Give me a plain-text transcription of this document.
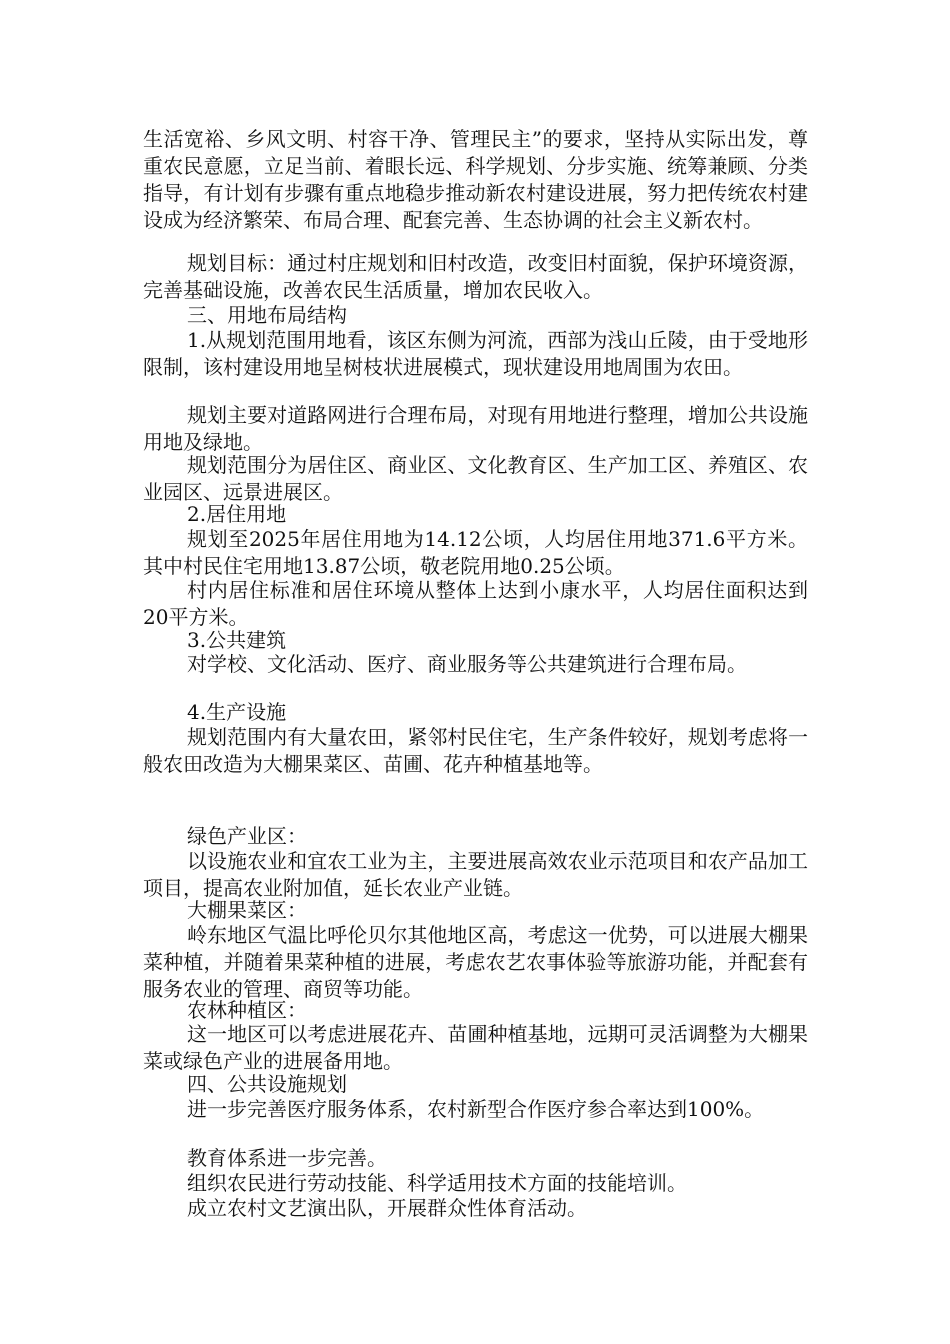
生活宽裕、乡风文明、村容干净、管理民主”的要求，坚持从实际出发，尊重农民意愿，立足当前、着眼长远、科学规划、分步实施、统筹兼顾、分类指导，有计划有步骤有重点地稳步推动新农村建设进展，努力把传统农村建设成为经济繁荣、布局合理、配套完善、生态协调的社会主义新农村。

规划目标：通过村庄规划和旧村改造，改变旧村面貌，保护环境资源，完善基础设施，改善农民生活质量，增加农民收入。

三、用地布局结构

1.从规划范围用地看，该区东侧为河流，西部为浅山丘陵，由于受地形限制，该村建设用地呈树枝状进展模式，现状建设用地周围为农田。

规划主要对道路网进行合理布局，对现有用地进行整理，增加公共设施用地及绿地。

规划范围分为居住区、商业区、文化教育区、生产加工区、养殖区、农业园区、远景进展区。

2.居住用地

规划至2025年居住用地为14.12公顷，人均居住用地371.6平方米。其中村民住宅用地13.87公顷，敬老院用地0.25公顷。

村内居住标准和居住环境从整体上达到小康水平，人均居住面积达到20平方米。

3.公共建筑

对学校、文化活动、医疗、商业服务等公共建筑进行合理布局。

4.生产设施

规划范围内有大量农田，紧邻村民住宅，生产条件较好，规划考虑将一般农田改造为大棚果菜区、苗圃、花卉种植基地等。

绿色产业区：

以设施农业和宜农工业为主，主要进展高效农业示范项目和农产品加工项目，提高农业附加值，延长农业产业链。

大棚果菜区：

岭东地区气温比呼伦贝尔其他地区高，考虑这一优势，可以进展大棚果菜种植，并随着果菜种植的进展，考虑农艺农事体验等旅游功能，并配套有服务农业的管理、商贸等功能。

农林种植区：

这一地区可以考虑进展花卉、苗圃种植基地，远期可灵活调整为大棚果菜或绿色产业的进展备用地。

四、公共设施规划

进一步完善医疗服务体系，农村新型合作医疗参合率达到100%。

教育体系进一步完善。

组织农民进行劳动技能、科学适用技术方面的技能培训。

成立农村文艺演出队，开展群众性体育活动。
